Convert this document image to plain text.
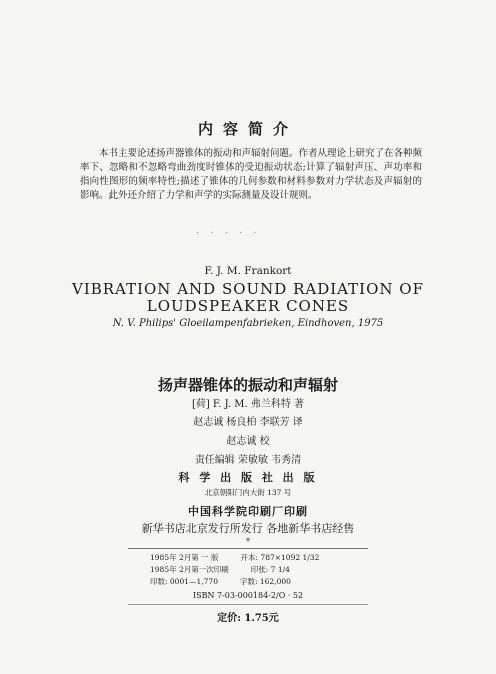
内容简介

本书主要论述扬声器锥体的振动和声辐射问题。作者从理论上研究了在各种频率下、忽略和不忽略弯曲劲度时锥体的受迫振动状态;计算了辐射声压、声功率和指向性图形的频率特性;描述了锥体的几何参数和材料参数对力学状态及声辐射的影响。此外还介绍了力学和声学的实际测量及设计规则。

· · · · ·
F. J. M. Frankort
VIBRATION AND SOUND RADIATION OF
LOUDSPEAKER CONES
N. V. Philips' Gloeilampenfabrieken, Eindhoven, 1975
扬声器锥体的振动和声辐射
[荷] F. J. M. 弗兰科特 著
赵志诚 杨良柏 李联芳 译
赵志诚 校
责任编辑 荣敏敏 韦秀清
科 学 出 版 社 出 版
北京朝阳门内大街 137 号
中国科学院印刷厂印刷
新华书店北京发行所发行 各地新华书店经售
*
1985年 2月第 一 版	开本: 787×1092 1/32
1985年 2月第一次印刷	印张: 7 1/4
印数: 0001—1,770	字数: 162,000
ISBN 7-03-000184-2/O · 52
定价: 1.75元
